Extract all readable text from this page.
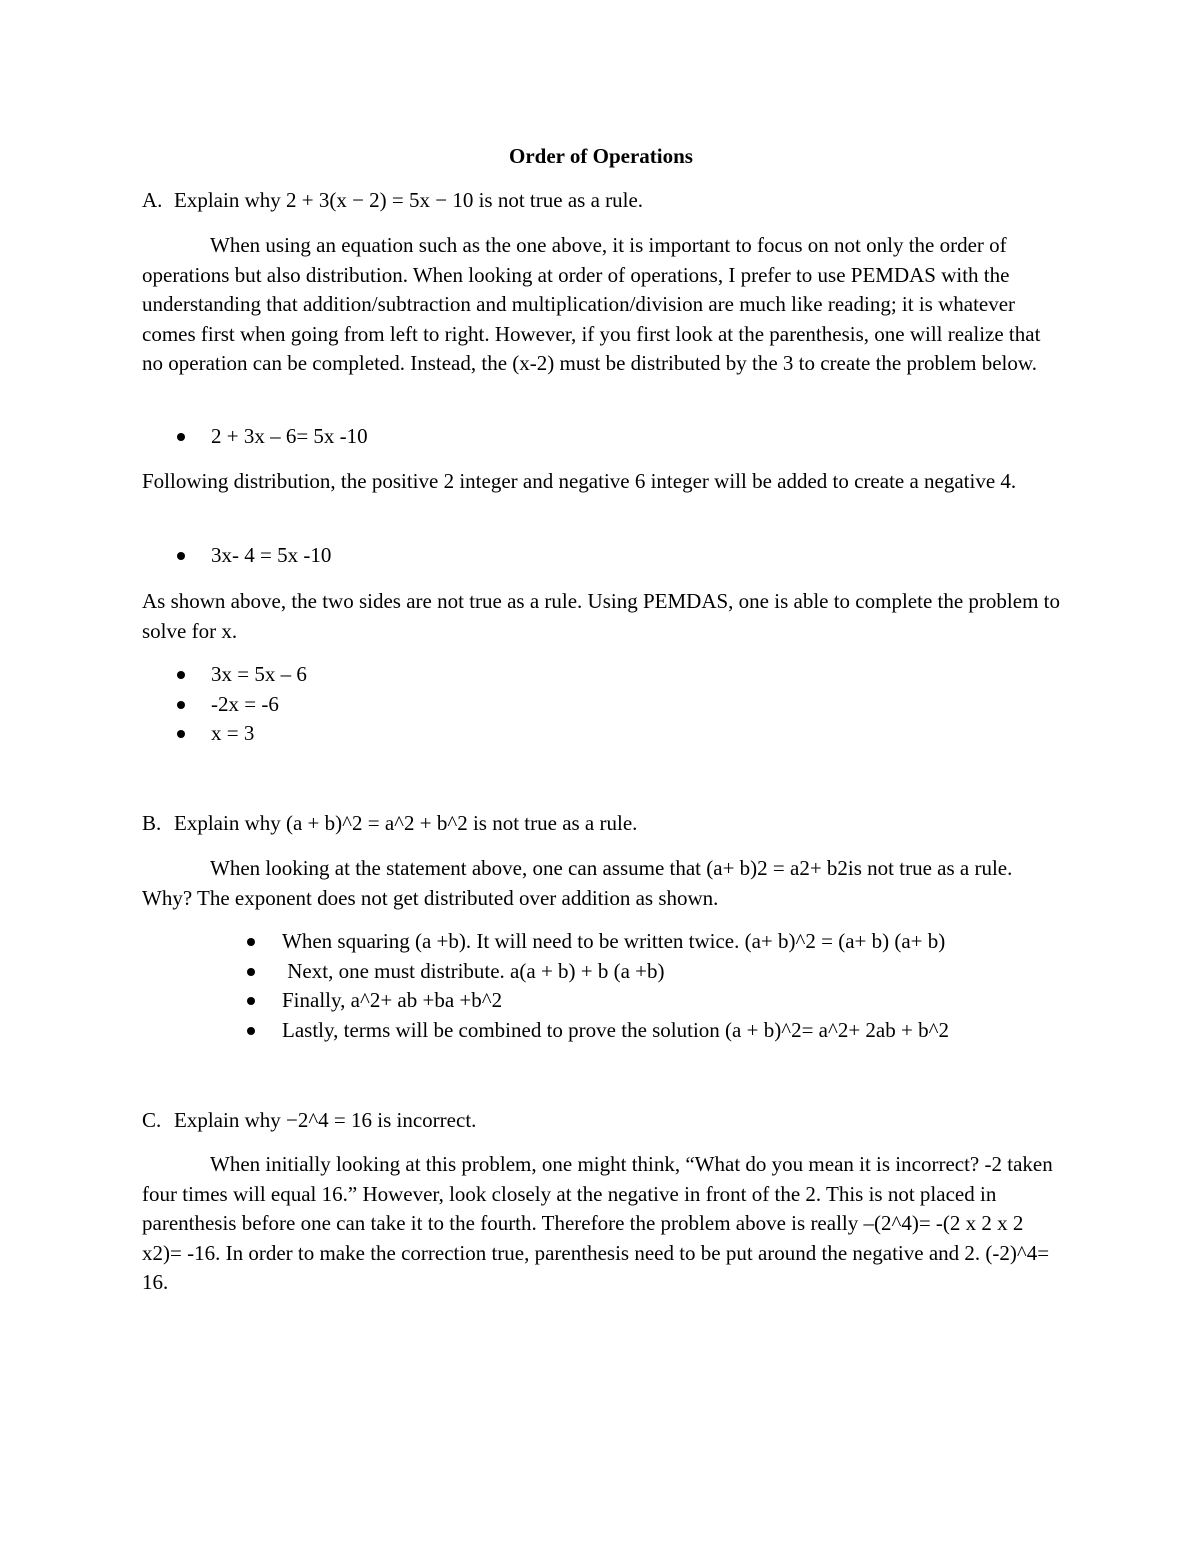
Order of Operations
A. Explain why 2 + 3(x − 2) = 5x − 10 is not true as a rule.

When using an equation such as the one above, it is important to focus on not only the order of operations but also distribution. When looking at order of operations, I prefer to use PEMDAS with the understanding that addition/subtraction and multiplication/division are much like reading; it is whatever comes first when going from left to right. However, if you first look at the parenthesis, one will realize that no operation can be completed. Instead, the (x-2) must be distributed by the 3 to create the problem below.

2 + 3x – 6= 5x -10

Following distribution, the positive 2 integer and negative 6 integer will be added to create a negative 4.

3x- 4 = 5x -10

As shown above, the two sides are not true as a rule. Using PEMDAS, one is able to complete the problem to solve for x.

3x = 5x – 6
-2x = -6
x = 3
B. Explain why (a + b)^2 = a^2 + b^2 is not true as a rule.

When looking at the statement above, one can assume that (a+ b)2 = a2+ b2is not true as a rule. Why? The exponent does not get distributed over addition as shown.

When squaring (a +b). It will need to be written twice. (a+ b)^2 = (a+ b) (a+ b)
Next, one must distribute. a(a + b) + b (a +b)
Finally, a^2+ ab +ba +b^2
Lastly, terms will be combined to prove the solution (a + b)^2= a^2+ 2ab + b^2
C. Explain why −2^4 = 16 is incorrect.

When initially looking at this problem, one might think, “What do you mean it is incorrect? -2 taken four times will equal 16.” However, look closely at the negative in front of the 2. This is not placed in parenthesis before one can take it to the fourth. Therefore the problem above is really –(2^4)= -(2 x 2 x 2 x2)= -16. In order to make the correction true, parenthesis need to be put around the negative and 2. (-2)^4= 16.
